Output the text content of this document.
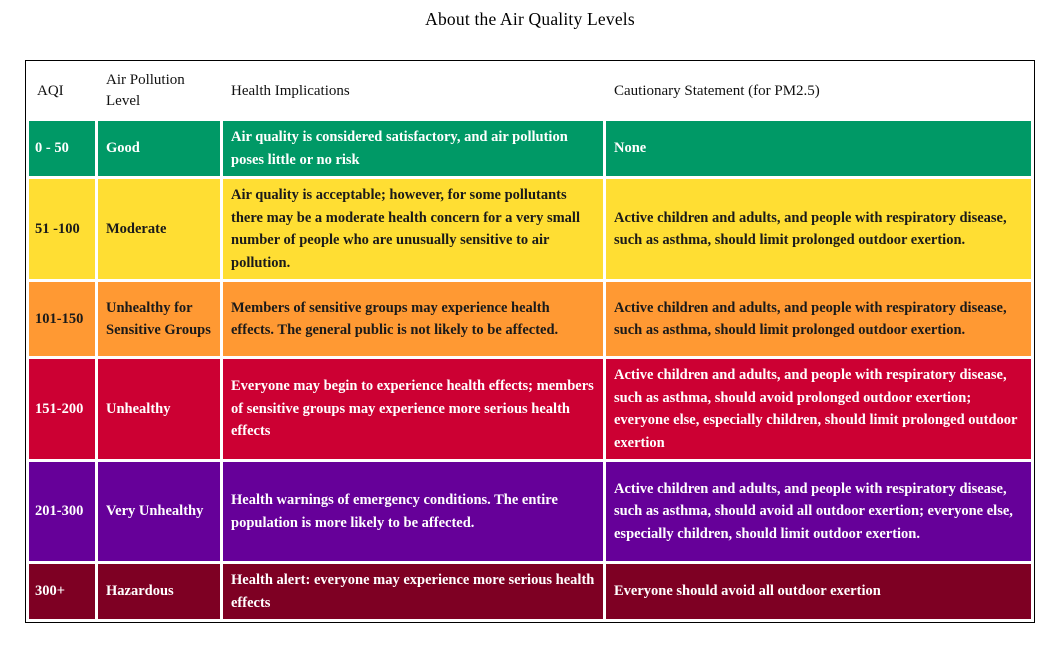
About the Air Quality Levels
AQI	Air Pollution Level	Health Implications	Cautionary Statement (for PM2.5)
0 - 50	Good	Air quality is considered satisfactory, and air pollution poses little or no risk	None
51 -100	Moderate	Air quality is acceptable; however, for some pollutants there may be a moderate health concern for a very small number of people who are unusually sensitive to air pollution.	Active children and adults, and people with respiratory disease, such as asthma, should limit prolonged outdoor exertion.
101-150	Unhealthy for Sensitive Groups	Members of sensitive groups may experience health effects. The general public is not likely to be affected.	Active children and adults, and people with respiratory disease, such as asthma, should limit prolonged outdoor exertion.
151-200	Unhealthy	Everyone may begin to experience health effects; members of sensitive groups may experience more serious health effects	Active children and adults, and people with respiratory disease, such as asthma, should avoid prolonged outdoor exertion; everyone else, especially children, should limit prolonged outdoor exertion
201-300	Very Unhealthy	Health warnings of emergency conditions. The entire population is more likely to be affected.	Active children and adults, and people with respiratory disease, such as asthma, should avoid all outdoor exertion; everyone else, especially children, should limit outdoor exertion.
300+	Hazardous	Health alert: everyone may experience more serious health effects	Everyone should avoid all outdoor exertion
